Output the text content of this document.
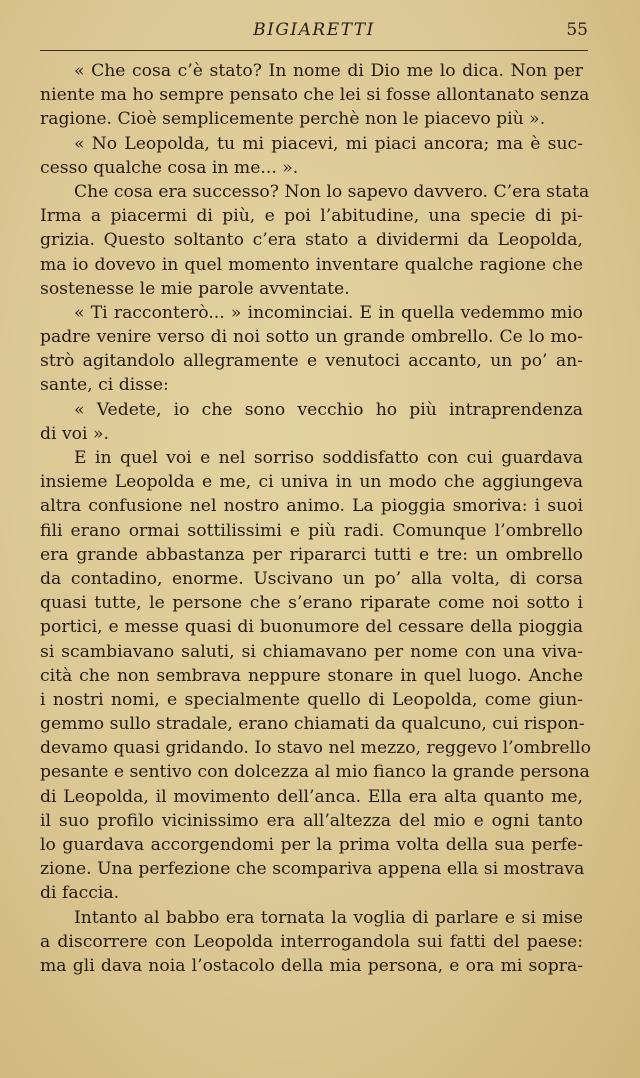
BIGIARETTI	55
« Che cosa c’è stato? In nome di Dio me lo dica. Non per
niente ma ho sempre pensato che lei si fosse allontanato senza
ragione. Cioè semplicemente perchè non le piacevo più ».
« No Leopolda, tu mi piacevi, mi piaci ancora; ma è suc-
cesso qualche cosa in me... ».
Che cosa era successo? Non lo sapevo davvero. C’era stata
Irma a piacermi di più, e poi l’abitudine, una specie di pi-
grizia. Questo soltanto c’era stato a dividermi da Leopolda,
ma io dovevo in quel momento inventare qualche ragione che
sostenesse le mie parole avventate.
« Ti racconterò... » incominciai. E in quella vedemmo mio
padre venire verso di noi sotto un grande ombrello. Ce lo mo-
strò agitandolo allegramente e venutoci accanto, un po’ an-
sante, ci disse:
« Vedete, io che sono vecchio ho più intraprendenza
di voi ».
E in quel voi e nel sorriso soddisfatto con cui guardava
insieme Leopolda e me, ci univa in un modo che aggiungeva
altra confusione nel nostro animo. La pioggia smoriva: i suoi
fili erano ormai sottilissimi e più radi. Comunque l’ombrello
era grande abbastanza per ripararci tutti e tre: un ombrello
da contadino, enorme. Uscivano un po’ alla volta, di corsa
quasi tutte, le persone che s’erano riparate come noi sotto i
portici, e messe quasi di buonumore del cessare della pioggia
si scambiavano saluti, si chiamavano per nome con una viva-
cità che non sembrava neppure stonare in quel luogo. Anche
i nostri nomi, e specialmente quello di Leopolda, come giun-
gemmo sullo stradale, erano chiamati da qualcuno, cui rispon-
devamo quasi gridando. Io stavo nel mezzo, reggevo l’ombrello
pesante e sentivo con dolcezza al mio fianco la grande persona
di Leopolda, il movimento dell’anca. Ella era alta quanto me,
il suo profilo vicinissimo era all’altezza del mio e ogni tanto
lo guardava accorgendomi per la prima volta della sua perfe-
zione. Una perfezione che scompariva appena ella si mostrava
di faccia.
Intanto al babbo era tornata la voglia di parlare e si mise
a discorrere con Leopolda interrogandola sui fatti del paese:
ma gli dava noia l’ostacolo della mia persona, e ora mi sopra-
